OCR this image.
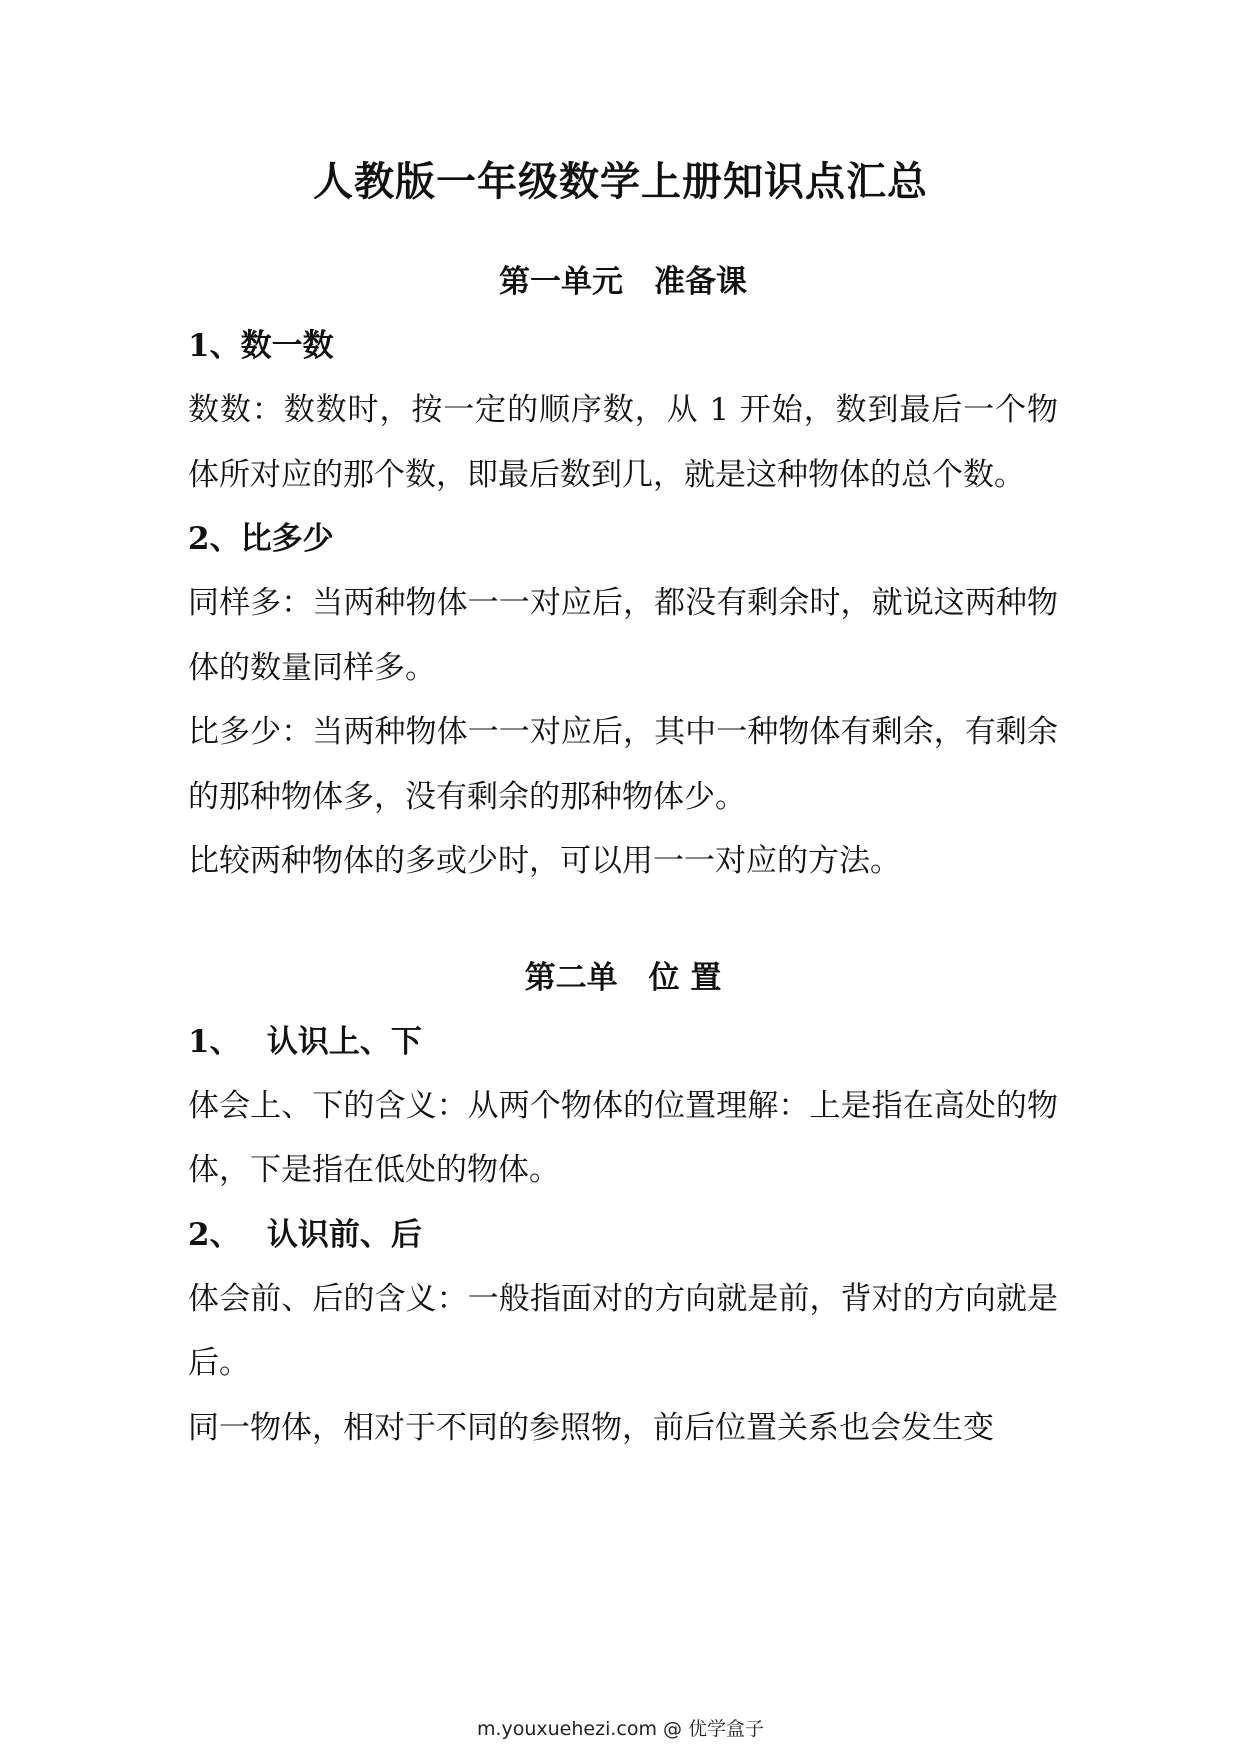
人教版一年级数学上册知识点汇总
第一单元　准备课
1、数一数

数数：数数时，按一定的顺序数，从 1 开始，数到最后一个物体所对应的那个数，即最后数到几，就是这种物体的总个数。

2、比多少

同样多：当两种物体一一对应后，都没有剩余时，就说这两种物体的数量同样多。

比多少：当两种物体一一对应后，其中一种物体有剩余，有剩余的那种物体多，没有剩余的那种物体少。

比较两种物体的多或少时，可以用一一对应的方法。

第二单　位 置
1、　 认识上、下

体会上、下的含义：从两个物体的位置理解：上是指在高处的物体，下是指在低处的物体。

2、　 认识前、后

体会前、后的含义：一般指面对的方向就是前，背对的方向就是后。

同一物体，相对于不同的参照物，前后位置关系也会发生变

m.youxuehezi.com @ 优学盒子
